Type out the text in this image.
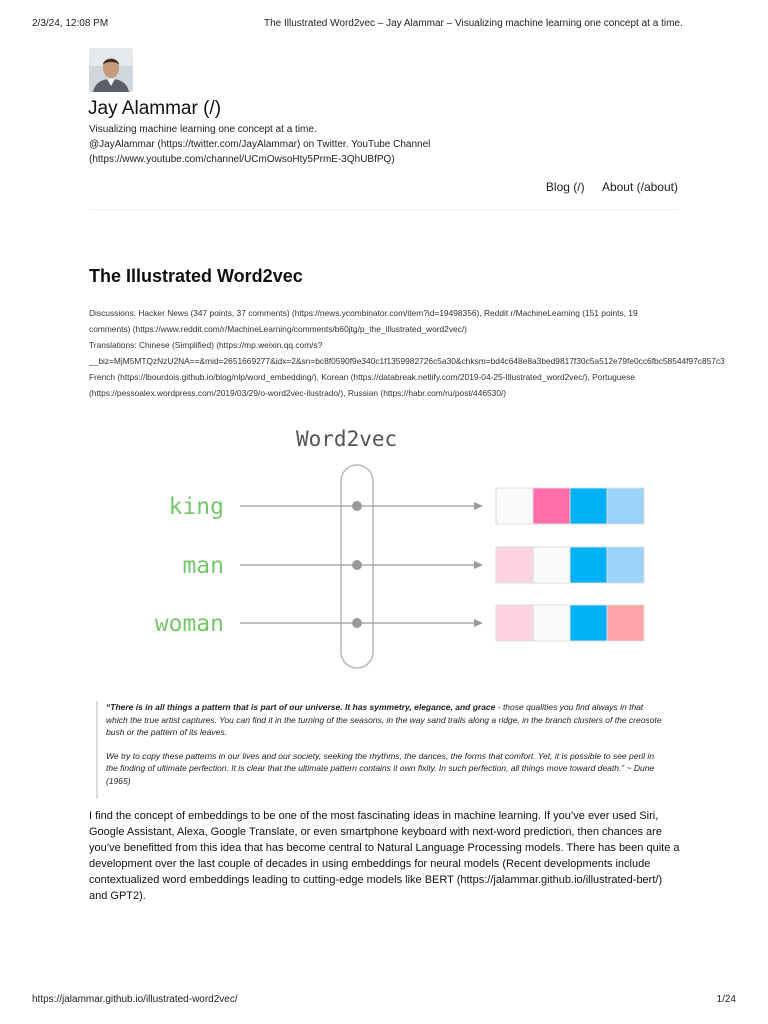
2/3/24, 12:08 PM	The Illustrated Word2vec – Jay Alammar – Visualizing machine learning one concept at a time.
Jay Alammar (/)
Visualizing machine learning one concept at a time.
@JayAlammar (https://twitter.com/JayAlammar) on Twitter. YouTube Channel
(https://www.youtube.com/channel/UCmOwsoHty5PrmE-3QhUBfPQ)
Blog (/) About (/about)
The Illustrated Word2vec
Discussions: Hacker News (347 points, 37 comments) (https://news.ycombinator.com/item?id=19498356), Reddit r/MachineLearning (151 points, 19
comments) (https://www.reddit.com/r/MachineLearning/comments/b60jtg/p_the_illustrated_word2vec/)
Translations: Chinese (Simplified) (https://mp.weixin.qq.com/s?
__biz=MjM5MTQzNzU2NA==&mid=2651669277&idx=2&sn=bc8f0590f9e340c1f1359982726c5a30&chksm=bd4c648e8a3bed9817f30c5a512e79fe0cc6fbc58544f97c857c3
French (https://lbourdois.github.io/blog/nlp/word_embedding/), Korean (https://databreak.netlify.com/2019-04-25-Illustrated_word2vec/), Portuguese
(https://pessoalex.wordpress.com/2019/03/29/o-word2vec-ilustrado/), Russian (https://habr.com/ru/post/446530/)
Word2vec
king
man
woman

“There is in all things a pattern that is part of our universe. It has symmetry, elegance, and grace - those qualities you find always in that which the true artist captures. You can find it in the turning of the seasons, in the way sand trails along a ridge, in the branch clusters of the creosote bush or the pattern of its leaves.

We try to copy these patterns in our lives and our society, seeking the rhythms, the dances, the forms that comfort. Yet, it is possible to see peril in the finding of ultimate perfection. It is clear that the ultimate pattern contains it own fixity. In such perfection, all things move toward death.” ~ Dune (1965)

I find the concept of embeddings to be one of the most fascinating ideas in machine learning. If you’ve ever used Siri, Google Assistant, Alexa, Google Translate, or even smartphone keyboard with next-word prediction, then chances are you’ve benefitted from this idea that has become central to Natural Language Processing models. There has been quite a development over the last couple of decades in using embeddings for neural models (Recent developments include contextualized word embeddings leading to cutting-edge models like BERT (https://jalammar.github.io/illustrated-bert/) and GPT2).

https://jalammar.github.io/illustrated-word2vec/	1/24
